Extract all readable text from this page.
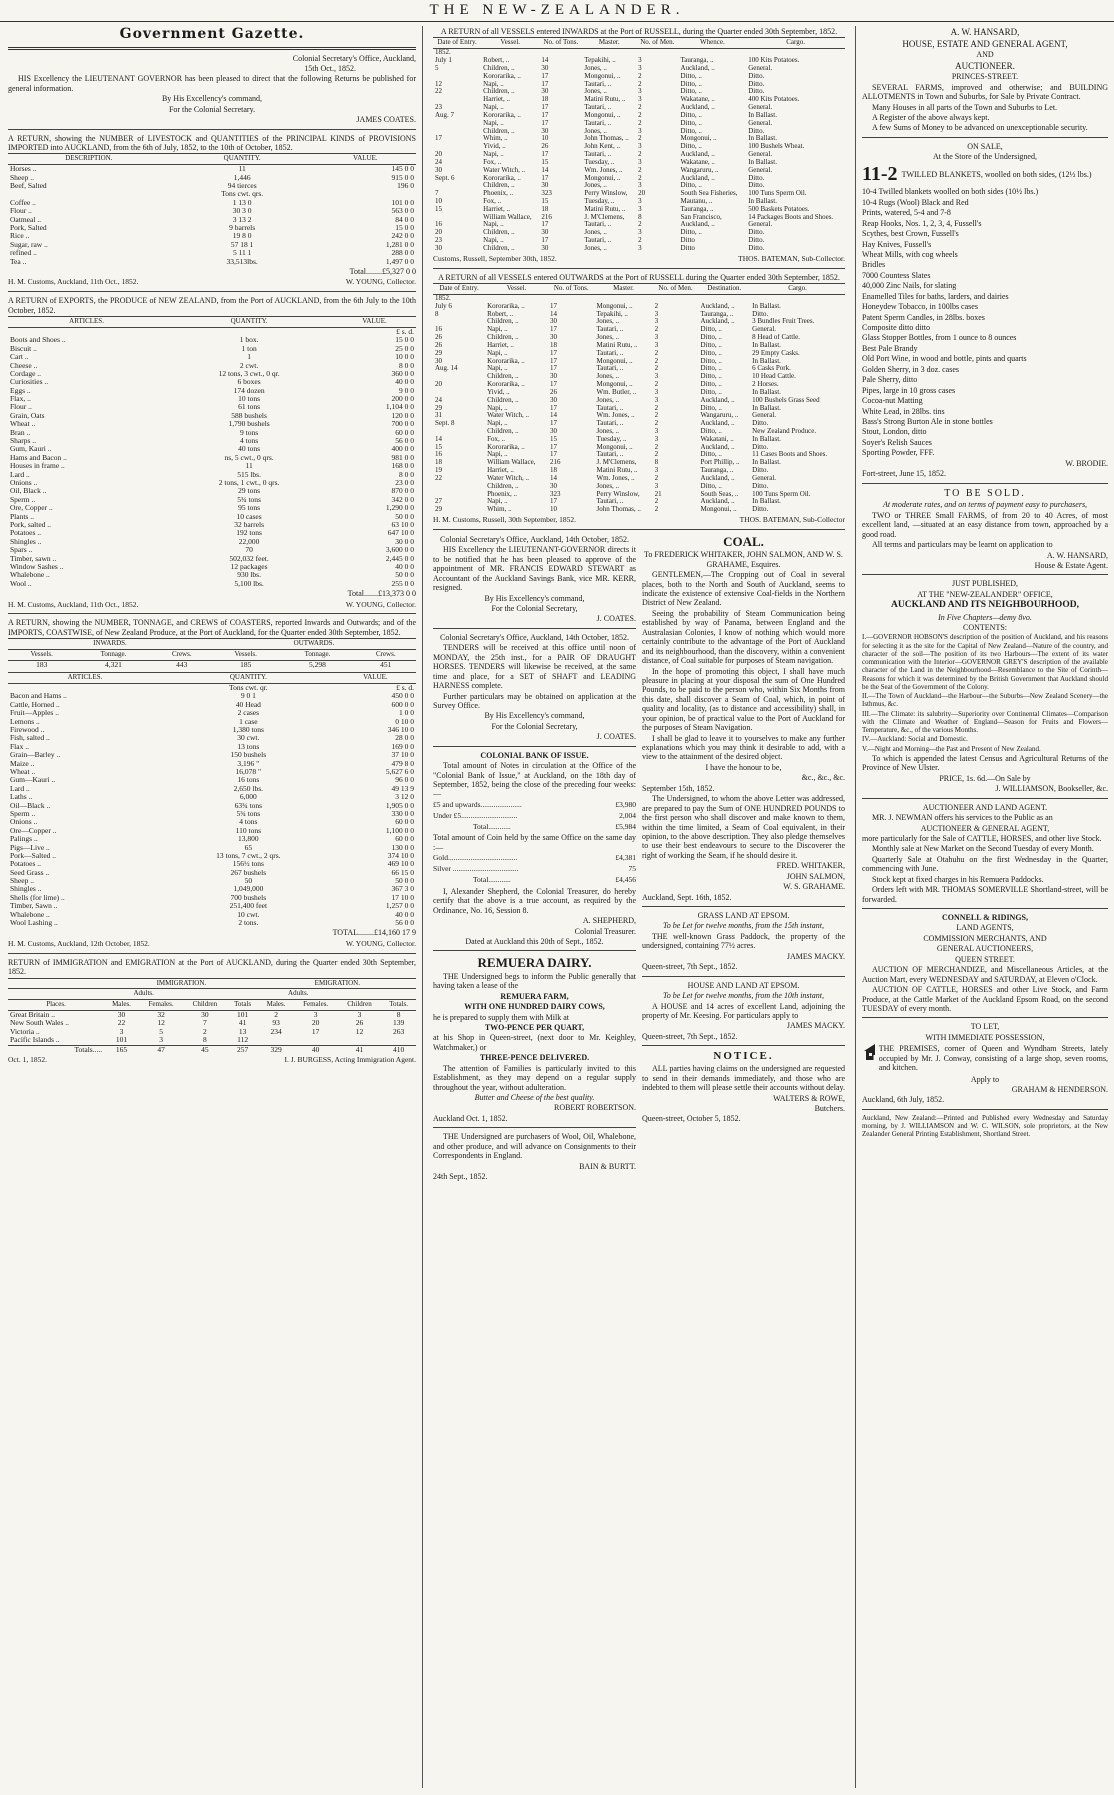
THE NEW-ZEALANDER.
Government Gazette.

Colonial Secretary's Office, Auckland,

15th Oct., 1852.

HIS Excellency the LIEUTENANT GOVERNOR has been pleased to direct that the following Returns be published for general information.

By His Excellency's command,

For the Colonial Secretary.

JAMES COATES.

A RETURN, showing the NUMBER of LIVESTOCK and QUANTITIES of the PRINCIPAL KINDS of PROVISIONS IMPORTED into AUCKLAND, from the 6th of July, 1852, to the 10th of October, 1852.

DESCRIPTION.	QUANTITY.	VALUE.
Horses ..	11	145 0 0
Sheep ..	1,446	915 0 0
Beef, Salted	94 tierces	196 0
	Tons cwt. qrs.	
Coffee ..	1 13 0	101 0 0
Flour ..	30 3 0	563 0 0
Oatmeal ..	3 13 2	84 0 0
Pork, Salted	9 barrels	15 0 0
Rice ..	19 8 0	242 0 0
Sugar, raw ..	57 18 1	1,281 0 0
refined ..	5 11 1	288 0 0
Tea ..	33,513lbs.	1,497 0 0

Total........£5,327 0 0

H. M. Customs, Auckland, 11th Oct., 1852.	W. YOUNG, Collector.

A RETURN of EXPORTS, the PRODUCE of NEW ZEALAND, from the Port of AUCKLAND, from the 6th July to the 10th October, 1852.

ARTICLES.	QUANTITY.	VALUE.
		£ s. d.
Boots and Shoes ..	1 box.	15 0 0
Biscuit ..	1 ton	25 0 0
Cart ..	1	10 0 0
Cheese ..	2 cwt.	8 0 0
Cordage ..	12 tons, 3 cwt., 0 qr.	360 0 0
Curiosities ..	6 boxes	40 0 0
Eggs ..	174 dozen	9 0 0
Flax, ..	10 tons	200 0 0
Flour ..	61 tons	1,104 0 0
Grain, Oats	588 bushels	120 0 0
Wheat ..	1,790 bushels	700 0 0
Bran ..	9 tons	60 0 0
Sharps ..	4 tons	56 0 0
Gum, Kauri ..	40 tons	400 0 0
Hams and Bacon ..	ns, 5 cwt., 0 qrs.	981 0 0
Houses in frame ..	11	168 0 0
Lard ..	515 lbs.	8 0 0
Onions ..	2 tons, 1 cwt., 0 qrs.	23 0 0
Oil, Black ..	29 tons	870 0 0
Sperm ..	5¾ tons	342 0 0
Ore, Copper ..	95 tons	1,290 0 0
Plants ..	10 cases	50 0 0
Pork, salted ..	32 barrels	63 10 0
Potatoes ..	192 tons	647 10 0
Shingles ..	22,000	30 0 0
Spars ..	70	3,600 0 0
Timber, sawn ..	502,032 feet.	2,445 0 0
Window Sashes ..	12 packages	40 0 0
Whalebone ..	930 lbs.	50 0 0
Wool ..	5,100 lbs.	255 0 0

Total.......£13,373 0 0

H. M. Customs, Auckland, 11th Oct., 1852.	W. YOUNG, Collector.

A RETURN, showing the NUMBER, TONNAGE, and CREWS of COASTERS, reported Inwards and Outwards; and of the IMPORTS, COASTWISE, of New Zealand Produce, at the Port of Auckland, for the Quarter ended 30th September, 1852.

INWARDS.			OUTWARDS.		
Vessels.	Tonnage.	Crews.	Vessels.	Tonnage.	Crews.
183	4,321	443	185	5,298	451
ARTICLES.	QUANTITY.	VALUE.
	Tons cwt. qr.	£ s. d.
Bacon and Hams ..	9 0 1	450 0 0
Cattle, Horned ..	40 Head	600 0 0
Fruit—Apples ..	2 cases	1 0 0
Lemons ..	1 case	0 10 0
Firewood ..	1,380 tons	346 10 0
Fish, salted ..	30 cwt.	28 0 0
Flax ..	13 tons	169 0 0
Grain—Barley ..	150 bushels	37 10 0
Maize ..	3,196 "	479 8 0
Wheat ..	16,078 "	5,627 6 0
Gum—Kauri ..	16 tons	96 0 0
Lard ..	2,650 lbs.	49 13 9
Laths ..	6,000	3 12 0
Oil—Black ..	63¾ tons	1,905 0 0
Sperm ..	5¾ tons	330 0 0
Onions ..	4 tons	60 0 0
Ore—Copper ..	110 tons	1,100 0 0
Palings ..	13,800	60 0 0
Pigs—Live ..	65	130 0 0
Pork—Salted ..	13 tons, 7 cwt., 2 qrs.	374 10 0
Potatoes ..	156½ tons	469 10 0
Seed Grass ..	267 bushels	66 15 0
Sheep ..	50	50 0 0
Shingles ..	1,049,000	367 3 0
Shells (for lime) ..	700 bushels	17 10 0
Timber, Sawn ..	251,400 feet	1,257 0 0
Whalebone ..	10 cwt.	40 0 0
Wool Lashing ..	2 tons.	56 0 0

TOTAL........£14,160 17 9

H. M. Customs, Auckland, 12th October, 1852.	W. YOUNG, Collector.

RETURN of IMMIGRATION and EMIGRATION at the Port of AUCKLAND, during the Quarter ended 30th September, 1852.

	IMMIGRATION.				EMIGRATION.			
	Adults.				Adults.			
Places.	Males.	Females.	Children	Totals	Males.	Females.	Children	Totals.
Great Britain ..	30	32	30	101	2	3	3	8
New South Wales ..	22	12	7	41	93	20	26	139
Victoria ..	3	5	2	13	234	17	12	263
Pacific Islands ..	101	3	8	112				
Totals.....	165	47	45	257	329	40	41	410
Oct. 1, 1852.	I. J. BURGESS, Acting Immigration Agent.

A RETURN of all VESSELS entered INWARDS at the Port of RUSSELL, during the Quarter ended 30th September, 1852.

Date of Entry.	Vessel.	No. of Tons.	Master.	No. of Men.	Whence.	Cargo.
1852.						
July 1	Robert, ..	14	Tepakihi, ..	3	Tauranga, ..	100 Kits Potatoes.
5	Children, ..	30	Jones, ..	3	Auckland, ..	General.
	Kororarika, ..	17	Mongonui, ..	2	Ditto, ..	Ditto.
12	Napi, ..	17	Tautari, ..	2	Ditto, ..	Ditto.
22	Children, ..	30	Jones, ..	3	Ditto, ..	Ditto.
	Harriet, ..	18	Matini Rutu, ..	3	Wakatane, ..	400 Kits Potatoes.
23	Napi, ..	17	Tautari, ..	2	Auckland, ..	General.
Aug. 7	Kororarika, ..	17	Mongonui, ..	2	Ditto, ..	In Ballast.
	Napi, ..	17	Tautari, ..	2	Ditto, ..	General.
	Children, ..	30	Jones, ..	3	Ditto, ..	Ditto.
17	Whim, ..	10	John Thomas, ..	2	Mongonui, ..	In Ballast.
	Yivid, ..	26	John Kent, ..	3	Ditto, ..	100 Bushels Wheat.
20	Napi, ..	17	Tautari, ..	2	Auckland, ..	General.
24	Fox, ..	15	Tuesday, ..	3	Wakatane, ..	In Ballast.
30	Water Witch, ..	14	Wm. Jones, ..	2	Wangaruru, ..	General.
Sept. 6	Kororarika, ..	17	Mongonui, ..	2	Auckland, ..	Ditto.
	Children, ..	30	Jones, ..	3	Ditto, ..	Ditto.
7	Phoenix, ..	323	Perry Winslow,	20	South Sea Fisheries,	100 Tuns Sperm Oil.
10	Fox, ..	15	Tuesday, ..	3	Mautanu, ..	In Ballast.
15	Harriet, ..	18	Matini Rutu, ..	3	Tauranga, ..	500 Baskets Potatoes.
	William Wallace,	216	J. M'Clemens,	8	San Francisco,	14 Packages Boots and Shoes.
16	Napi, ..	17	Tautari, ..	2	Auckland, ..	General.
20	Children, ..	30	Jones, ..	3	Ditto, ..	Ditto.
23	Napi, ..	17	Tautari, ..	2	Ditto	Ditto.
30	Children, ..	30	Jones, ..	3	Ditto	Ditto.
Customs, Russell, September 30th, 1852.	THOS. BATEMAN, Sub-Collector.

A RETURN of all VESSELS entered OUTWARDS at the Port of RUSSELL during the Quarter ended 30th September, 1852.

Date of Entry.	Vessel.	No. of Tons.	Master.	No. of Men.	Destination.	Cargo.
1852.						
July 6	Kororarika, ..	17	Mongonui, ..	2	Auckland, ..	In Ballast.
8	Robert, ..	14	Tepakihi, ..	3	Tauranga, ..	Ditto.
	Children, ..	30	Jones, ..	3	Auckland, ..	3 Bundles Fruit Trees.
16	Napi, ..	17	Tautari, ..	2	Ditto, ..	General.
26	Children, ..	30	Jones, ..	3	Ditto, ..	8 Head of Cattle.
26	Harriet, ..	18	Matini Rutu, ..	3	Ditto, ..	In Ballast.
29	Napi, ..	17	Tautari, ..	2	Ditto, ..	29 Empty Casks.
30	Kororarika, ..	17	Mongonui, ..	2	Ditto, ..	In Ballast.
Aug. 14	Napi, ..	17	Tautari, ..	2	Ditto, ..	6 Casks Pork.
	Children, ..	30	Jones, ..	3	Ditto, ..	10 Head Cattle.
20	Kororarika, ..	17	Mongonui, ..	2	Ditto, ..	2 Horses.
	Yivid, ..	26	Wm. Butler, ..	3	Ditto, ..	In Ballast.
24	Children, ..	30	Jones, ..	3	Auckland, ..	100 Bushels Grass Seed
29	Napi, ..	17	Tautari, ..	2	Ditto, ..	In Ballast.
31	Water Witch, ..	14	Wm. Jones, ..	2	Wangaruru, ..	General.
Sept. 8	Napi, ..	17	Tautari, ..	2	Auckland, ..	Ditto.
	Children, ..	30	Jones, ..	3	Ditto, ..	New Zealand Produce.
14	Fox, ..	15	Tuesday, ..	3	Wakatani, ..	In Ballast.
15	Kororarika, ..	17	Mongonui, ..	2	Auckland, ..	Ditto.
16	Napi, ..	17	Tautari, ..	2	Ditto, ..	11 Cases Boots and Shoes.
18	William Wallace,	216	J. M'Clemens,	8	Port Phillip, ..	In Ballast.
19	Harriet, ..	18	Matini Rutu, ..	3	Tauranga, ..	Ditto.
22	Water Witch, ..	14	Wm. Jones, ..	2	Auckland, ..	General.
	Children, ..	30	Jones, ..	3	Ditto, ..	Ditto.
	Phoenix, ..	323	Perry Winslow,	21	South Seas, ..	100 Tuns Sperm Oil.
27	Napi, ..	17	Tautari, ..	2	Auckland, ..	In Ballast.
29	Whim, ..	10	John Thomas, ..	2	Mongonui, ..	Ditto.
H. M. Customs, Russell, 30th September, 1852.	THOS. BATEMAN, Sub-Collector

Colonial Secretary's Office, Auckland, 14th October, 1852.

HIS Excellency the LIEUTENANT-GOVERNOR directs it to be notified that he has been pleased to approve of the appointment of MR. FRANCIS EDWARD STEWART as Accountant of the Auckland Savings Bank, vice MR. KERR, resigned.

By His Excellency's command,

For the Colonial Secretary,

J. COATES.

Colonial Secretary's Office, Auckland, 14th October, 1852.

TENDERS will be received at this office until noon of MONDAY, the 25th inst., for a PAIR OF DRAUGHT HORSES. TENDERS will likewise be received, at the same time and place, for a SET of SHAFT and LEADING HARNESS complete.

Further particulars may be obtained on application at the Survey Office.

By His Excellency's command,

For the Colonial Secretary,

J. COATES.

COLONIAL BANK OF ISSUE.

Total amount of Notes in circulation at the Office of the "Colonial Bank of Issue," at Auckland, on the 18th day of September, 1852, being the close of the preceding four weeks:—

£5 and upwards......................	£3,980
Under £5..............................	2,004
Total............	£5,984

Total amount of Coin held by the same Office on the same day :—

Gold.....................................	£4,381
Silver ...................................	75
Total............	£4,456

I, Alexander Shepherd, the Colonial Treasurer, do hereby certify that the above is a true account, as required by the Ordinance, No. 16, Session 8.

A. SHEPHERD,

Colonial Treasurer.

Dated at Auckland this 20th of Sept., 1852.

REMUERA DAIRY.

THE Undersigned begs to inform the Public generally that having taken a lease of the

REMUERA FARM,

WITH ONE HUNDRED DAIRY COWS,

he is prepared to supply them with Milk at

TWO-PENCE PER QUART,

at his Shop in Queen-street, (next door to Mr. Keighley, Watchmaker,) or

THREE-PENCE DELIVERED.

The attention of Families is particularly invited to this Establishment, as they may depend on a regular supply throughout the year, without adulteration.

Butter and Cheese of the best quality.

ROBERT ROBERTSON.

Auckland Oct. 1, 1852.

THE Undersigned are purchasers of Wool, Oil, Whalebone, and other produce, and will advance on Consignments to their Correspondents in England.

BAIN & BURTT.

24th Sept., 1852.

COAL.

To FREDERICK WHITAKER, JOHN SALMON, AND W. S. GRAHAME, Esquires.

GENTLEMEN,—The Cropping out of Coal in several places, both to the North and South of Auckland, seems to indicate the existence of extensive Coal-fields in the Northern District of New Zealand.

Seeing the probability of Steam Communication being established by way of Panama, between England and the Australasian Colonies, I know of nothing which would more certainly contribute to the advantage of the Port of Auckland and its neighbourhood, than the discovery, within a convenient distance, of Coal suitable for purposes of Steam navigation.

In the hope of promoting this object, I shall have much pleasure in placing at your disposal the sum of One Hundred Pounds, to be paid to the person who, within Six Months from this date, shall discover a Seam of Coal, which, in point of quality and locality, (as to distance and accessibility) shall, in your opinion, be of practical value to the Port of Auckland for the purposes of Steam Navigation.

I shall be glad to leave it to yourselves to make any further explanations which you may think it desirable to add, with a view to the attainment of the desired object.

I have the honour to be,

&c., &c., &c.

September 15th, 1852.

The Undersigned, to whom the above Letter was addressed, are prepared to pay the Sum of ONE HUNDRED POUNDS to the first person who shall discover and make known to them, within the time limited, a Seam of Coal equivalent, in their opinion, to the above description. They also pledge themselves to use their best endeavours to secure to the Discoverer the right of working the Seam, if he should desire it.

FRED. WHITAKER,

JOHN SALMON,

W. S. GRAHAME.

Auckland, Sept. 16th, 1852.

GRASS LAND AT EPSOM.

To be Let for twelve months, from the 15th instant,

THE well-known Grass Paddock, the property of the undersigned, containing 77½ acres.

JAMES MACKY.

Queen-street, 7th Sept., 1852.

HOUSE AND LAND AT EPSOM.

To be Let for twelve months, from the 10th instant,

A HOUSE and 14 acres of excellent Land, adjoining the property of Mr. Keesing. For particulars apply to

JAMES MACKY.

Queen-street, 7th Sept., 1852.

NOTICE.

ALL parties having claims on the undersigned are requested to send in their demands immediately, and those who are indebted to them will please settle their accounts without delay.

WALTERS & ROWE,

Butchers.

Queen-street, October 5, 1852.

A. W. HANSARD,

HOUSE, ESTATE AND GENERAL AGENT,

AND

AUCTIONEER.

PRINCES-STREET.

SEVERAL FARMS, improved and otherwise; and BUILDING ALLOTMENTS in Town and Suburbs, for Sale by Private Contract.

Many Houses in all parts of the Town and Suburbs to Let.

A Register of the above always kept.

A few Sums of Money to be advanced on unexceptionable security.

ON SALE,

At the Store of the Undersigned,

11-2 TWILLED BLANKETS, woolled on both sides, (12½ lbs.)

10-4 Twilled blankets woolled on both sides (10½ lbs.)

10-4 Rugs (Wool) Black and Red

Prints, watered, 5-4 and 7-8

Reap Hooks, Nos. 1, 2, 3, 4, Fussell's

Scythes, best Crown, Fussell's

Hay Knives, Fussell's

Wheat Mills, with cog wheels

Bridles

7000 Countess Slates

40,000 Zinc Nails, for slating

Enamelled Tiles for baths, larders, and dairies

Honeydew Tobacco, in 100lbs cases

Patent Sperm Candles, in 28lbs. boxes

Composite ditto ditto

Glass Stopper Bottles, from 1 ounce to 8 ounces

Best Pale Brandy

Old Port Wine, in wood and bottle, pints and quarts

Golden Sherry, in 3 doz. cases

Pale Sherry, ditto

Pipes, large in 10 gross cases

Cocoa-nut Matting

White Lead, in 28lbs. tins

Bass's Strong Burton Ale in stone bottles

Stout, London, ditto

Soyer's Relish Sauces

Sporting Powder, FFF.

W. BRODIE.

Fort-street, June 15, 1852.

TO BE SOLD.

At moderate rates, and on terms of payment easy to purchasers,

TWO or THREE Small FARMS, of from 20 to 40 Acres, of most excellent land, —situated at an easy distance from town, approached by a good road.

All terms and particulars may be learnt on application to

A. W. HANSARD,

House & Estate Agent.

JUST PUBLISHED,

AT THE "NEW-ZEALANDER" OFFICE,

AUCKLAND AND ITS NEIGHBOURHOOD,

In Five Chapters—demy 8vo.

CONTENTS:

I.—GOVERNOR HOBSON'S description of the position of Auckland, and his reasons for selecting it as the site for the Capital of New Zealand—Nature of the country, and character of the soil—The position of its two Harbours—The extent of its water communication with the Interior—GOVERNOR GREY'S description of the available character of the Land in the Neighbourhood—Resemblance to the Site of Corinth—Reasons for which it was determined by the British Government that Auckland should be the Seat of the Government of the Colony.

II.—The Town of Auckland—the Harbour—the Suburbs—New Zealand Scenery—the Isthmus, &c.

III.—The Climate: its salubrity—Superiority over Continental Climates—Comparison with the Climate and Weather of England—Season for Fruits and Flowers—Temperature, &c., of the various Months.

IV.—Auckland: Social and Domestic.

V.—Night and Morning—the Past and Present of New Zealand.

To which is appended the latest Census and Agricultural Returns of the Province of New Ulster.

PRICE, 1s. 6d.—On Sale by

J. WILLIAMSON, Bookseller, &c.

AUCTIONEER AND LAND AGENT.

MR. J. NEWMAN offers his services to the Public as an

AUCTIONEER & GENERAL AGENT,

more particularly for the Sale of CATTLE, HORSES, and other live Stock.

Monthly sale at New Market on the Second Tuesday of every Month.

Quarterly Sale at Otahuhu on the first Wednesday in the Quarter, commencing with June.

Stock kept at fixed charges in his Remuera Paddocks.

Orders left with MR. THOMAS SOMERVILLE Shortland-street, will be forwarded.

CONNELL & RIDINGS,

LAND AGENTS,

COMMISSION MERCHANTS, AND

GENERAL AUCTIONEERS,

QUEEN STREET.

AUCTION OF MERCHANDIZE, and Miscellaneous Articles, at the Auction Mart, every WEDNESDAY and SATURDAY, at Eleven o'Clock.

AUCTION OF CATTLE, HORSES and other Live Stock, and Farm Produce, at the Cattle Market of the Auckland Epsom Road, on the second TUESDAY of every month.

TO LET,

WITH IMMEDIATE POSSESSION,

THE PREMISES, corner of Queen and Wyndham Streets, lately occupied by Mr. J. Conway, consisting of a large shop, seven rooms, and kitchen.

Apply to

GRAHAM & HENDERSON.

Auckland, 6th July, 1852.

Auckland, New Zealand:—Printed and Published every Wednesday and Saturday morning, by J. WILLIAMSON and W. C. WILSON, sole proprietors, at the New Zealander General Printing Establishment, Shortland Street.
